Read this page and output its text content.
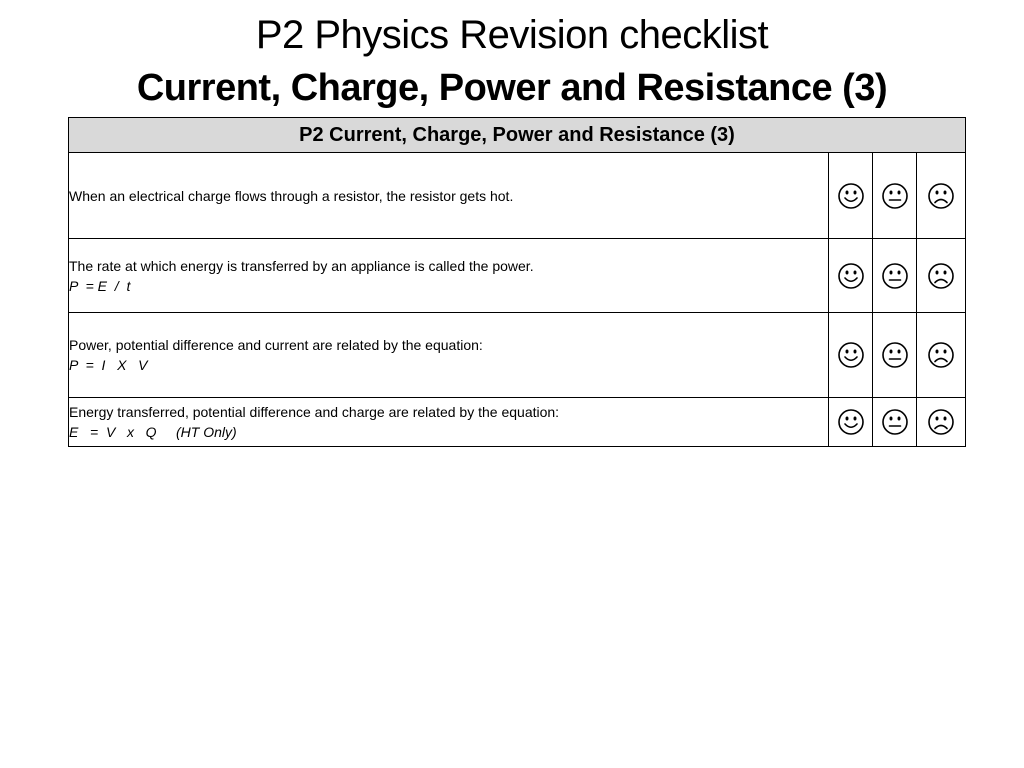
P2 Physics Revision checklist
Current, Charge, Power and Resistance (3)
P2 Current, Charge, Power and Resistance (3)			

When an electrical charge flows through a resistor, the resistor gets hot.

The rate at which energy is transferred by an appliance is called the power.
P  = E  /  t

Power, potential difference and current are related by the equation:
P  =  I   X   V

Energy transferred, potential difference and charge are related by the equation:
E   =  V   x   Q     (HT Only)
